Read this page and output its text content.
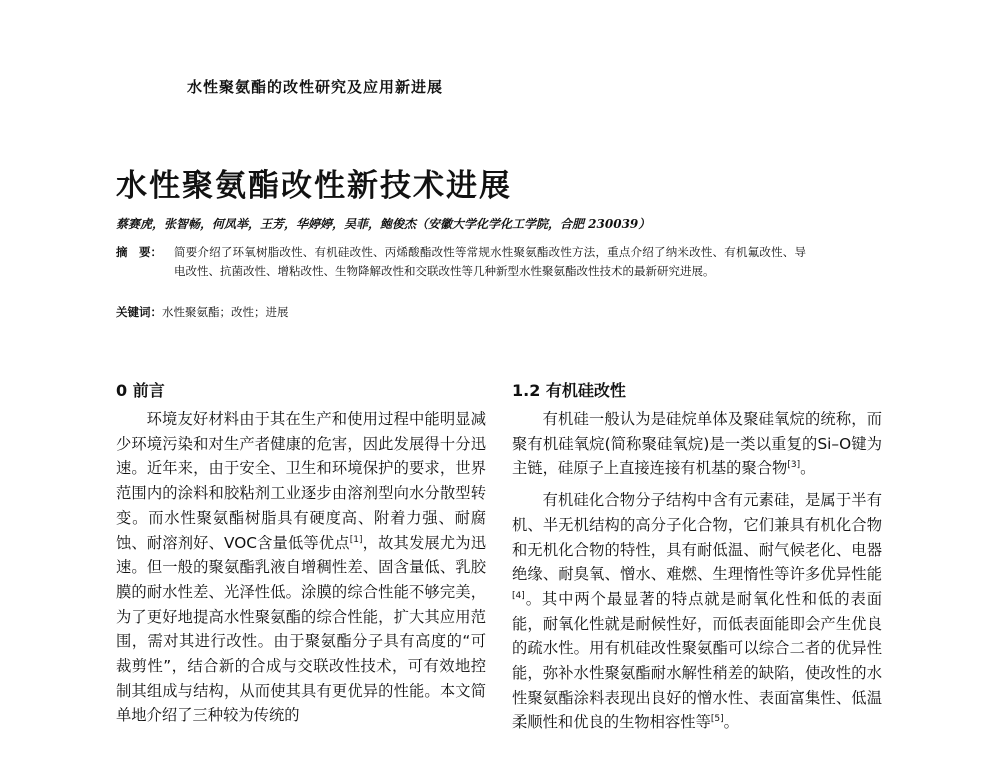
水性聚氨酯的改性研究及应用新进展
水性聚氨酯改性新技术进展
蔡赛虎，张智畅，何凤举，王芳，华婷婷，吴菲，鲍俊杰（安徽大学化学化工学院，合肥 230039）
摘　要： 简要介绍了环氧树脂改性、有机硅改性、丙烯酸酯改性等常规水性聚氨酯改性方法，重点介绍了纳米改性、有机氟改性、导电改性、抗菌改性、增粘改性、生物降解改性和交联改性等几种新型水性聚氨酯改性技术的最新研究进展。
关键词：水性聚氨酯；改性；进展
0 前言

环境友好材料由于其在生产和使用过程中能明显减少环境污染和对生产者健康的危害，因此发展得十分迅速。近年来，由于安全、卫生和环境保护的要求，世界范围内的涂料和胶粘剂工业逐步由溶剂型向水分散型转变。而水性聚氨酯树脂具有硬度高、附着力强、耐腐蚀、耐溶剂好、VOC含量低等优点[1]，故其发展尤为迅速。但一般的聚氨酯乳液自增稠性差、固含量低、乳胶膜的耐水性差、光泽性低。涂膜的综合性能不够完美，为了更好地提高水性聚氨酯的综合性能，扩大其应用范围，需对其进行改性。由于聚氨酯分子具有高度的“可裁剪性”，结合新的合成与交联改性技术，可有效地控制其组成与结构，从而使其具有更优异的性能。本文简单地介绍了三种较为传统的

1.2 有机硅改性

有机硅一般认为是硅烷单体及聚硅氧烷的统称，而聚有机硅氧烷(简称聚硅氧烷)是一类以重复的Si–O键为主链，硅原子上直接连接有机基的聚合物[3]。

有机硅化合物分子结构中含有元素硅，是属于半有机、半无机结构的高分子化合物，它们兼具有机化合物和无机化合物的特性，具有耐低温、耐气候老化、电器绝缘、耐臭氧、憎水、难燃、生理惰性等许多优异性能[4]。其中两个最显著的特点就是耐氧化性和低的表面能，耐氧化性就是耐候性好，而低表面能即会产生优良的疏水性。用有机硅改性聚氨酯可以综合二者的优异性能，弥补水性聚氨酯耐水解性稍差的缺陷，使改性的水性聚氨酯涂料表现出良好的憎水性、表面富集性、低温柔顺性和优良的生物相容性等[5]。
